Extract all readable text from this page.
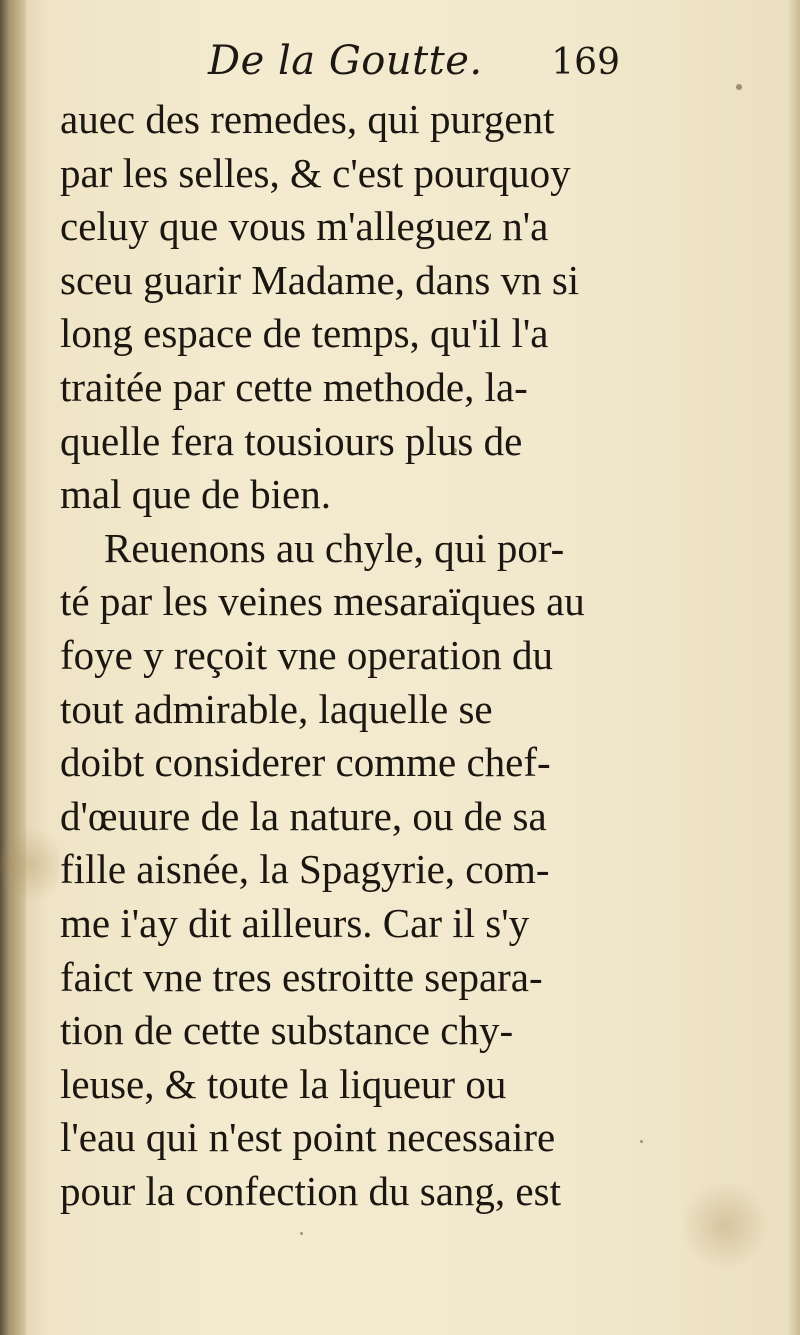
De la Goutte. 169
auec des remedes, qui purgent
par les selles, & c'est pourquoy
celuy que vous m'alleguez n'a
sceu guarir Madame, dans vn si
long espace de temps, qu'il l'a
traitée par cette methode, la-
quelle fera tousiours plus de
mal que de bien.
Reuenons au chyle, qui por-
té par les veines mesaraïques au
foye y reçoit vne operation du
tout admirable, laquelle se
doibt considerer comme chef-
d'œuure de la nature, ou de sa
fille aisnée, la Spagyrie, com-
me i'ay dit ailleurs. Car il s'y
faict vne tres estroitte separa-
tion de cette substance chy-
leuse, & toute la liqueur ou
l'eau qui n'est point necessaire
pour la confection du sang, est
